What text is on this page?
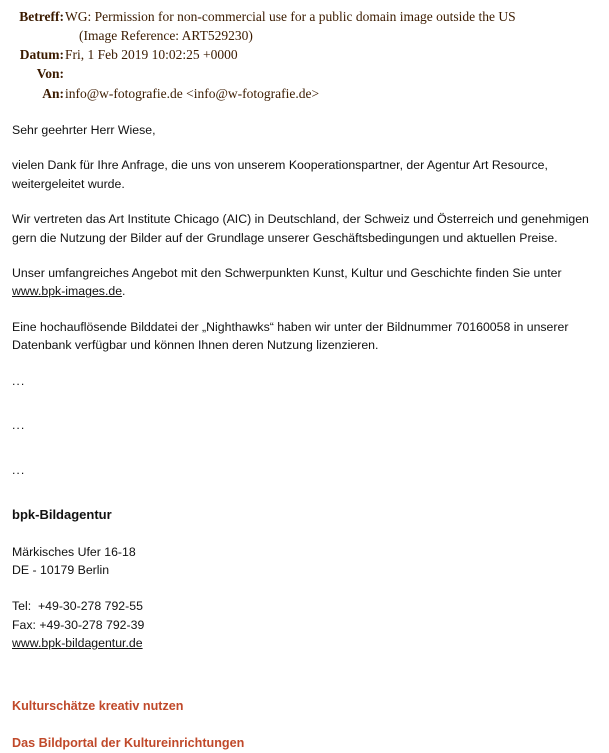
Betreff: WG: Permission for non-commercial use for a public domain image outside the US
(Image Reference: ART529230)
Datum: Fri, 1 Feb 2019 10:02:25 +0000
Von:
An: info@w-fotografie.de <info@w-fotografie.de>

Sehr geehrter Herr Wiese,

vielen Dank für Ihre Anfrage, die uns von unserem Kooperationspartner, der Agentur Art Resource, weitergeleitet wurde.

Wir vertreten das Art Institute Chicago (AIC) in Deutschland, der Schweiz und Österreich und genehmigen gern die Nutzung der Bilder auf der Grundlage unserer Geschäftsbedingungen und aktuellen Preise.

Unser umfangreiches Angebot mit den Schwerpunkten Kunst, Kultur und Geschichte finden Sie unter www.bpk-images.de.

Eine hochauflösende Bilddatei der „Nighthawks“ haben wir unter der Bildnummer 70160058 in unserer Datenbank verfügbar und können Ihnen deren Nutzung lizenzieren.

...

...

...

bpk-Bildagentur

Märkisches Ufer 16-18
DE - 10179 Berlin
Tel:  +49-30-278 792-55
Fax: +49-30-278 792-39
www.bpk-bildagentur.de

Kulturschätze kreativ nutzen

Das Bildportal der Kultureinrichtungen
